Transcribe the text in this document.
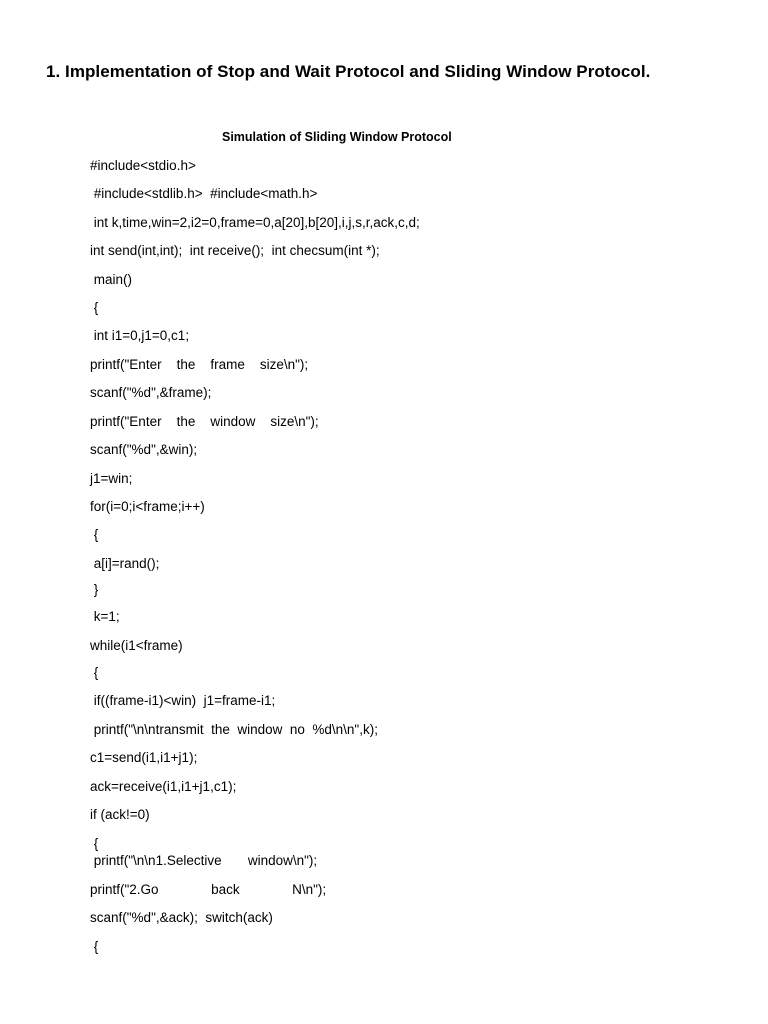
1. Implementation of Stop and Wait Protocol and Sliding Window Protocol.
Simulation of Sliding Window Protocol
#include<stdio.h>
#include<stdlib.h>  #include<math.h>
int k,time,win=2,i2=0,frame=0,a[20],b[20],i,j,s,r,ack,c,d;
int send(int,int);  int receive();  int checsum(int *);
main()
{
int i1=0,j1=0,c1;
printf("Enter    the    frame    size\n");
scanf("%d",&frame);
printf("Enter    the    window    size\n");
scanf("%d",&win);
j1=win;
for(i=0;i<frame;i++)
{
a[i]=rand();
}
k=1;
while(i1<frame)
{
if((frame-i1)<win)  j1=frame-i1;
printf("\n\ntransmit  the  window  no  %d\n\n",k);
c1=send(i1,i1+j1);
ack=receive(i1,i1+j1,c1);
if (ack!=0)
{
printf("\n\n1.Selective       window\n");
printf("2.Go              back              N\n");
scanf("%d",&ack);  switch(ack)
{
